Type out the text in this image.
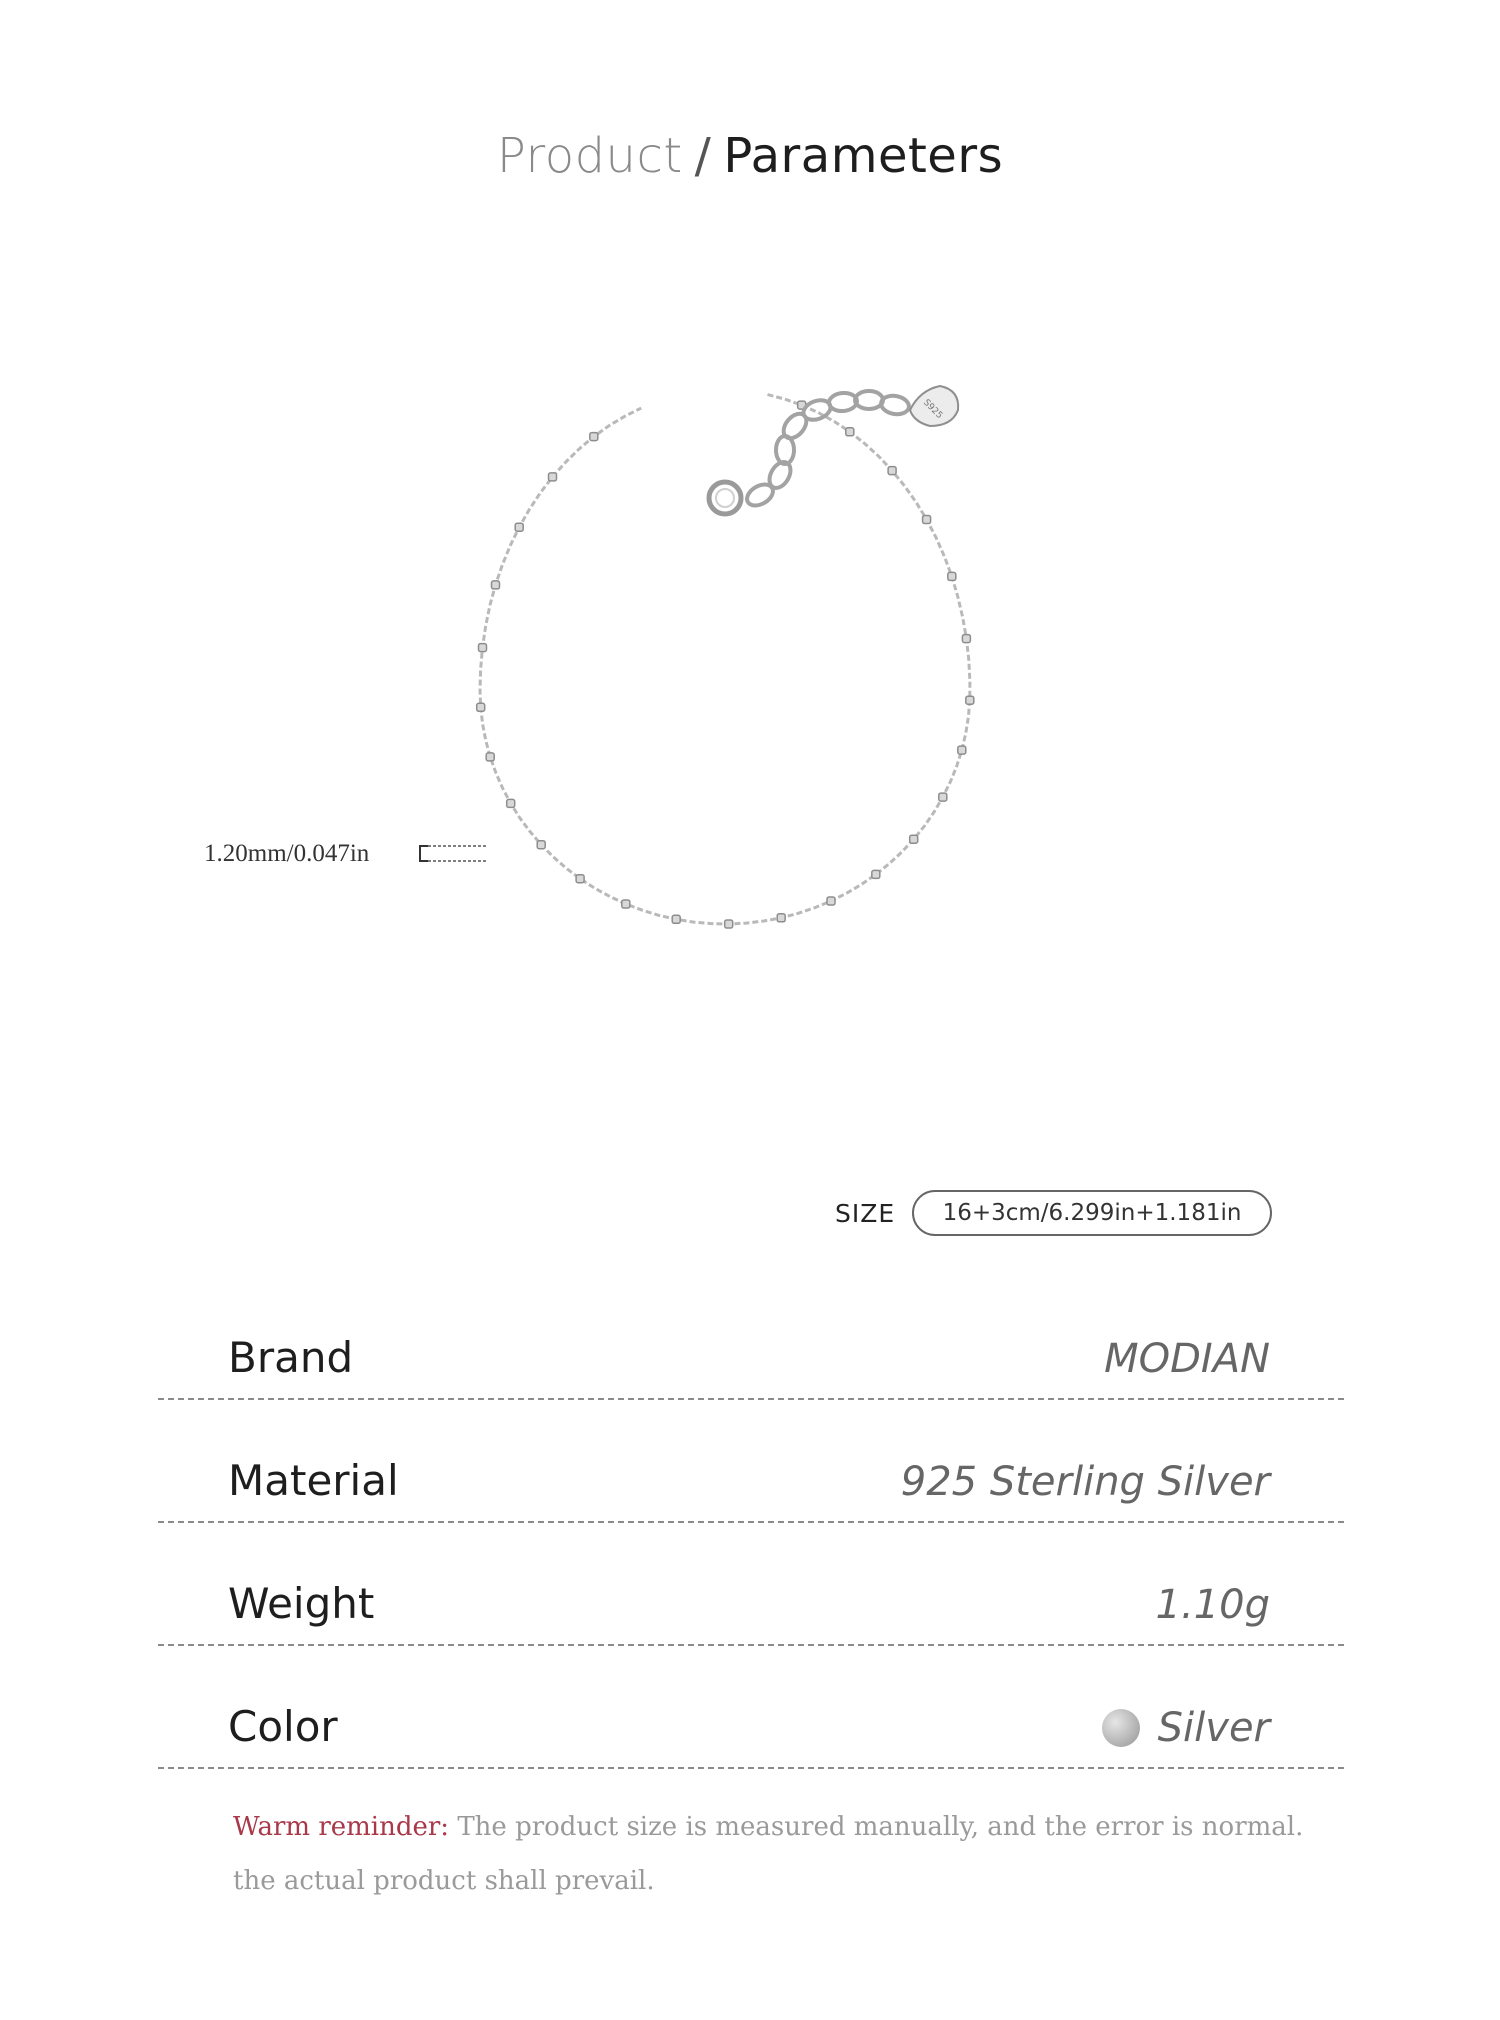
Product / Parameters
S925
1.20mm/0.047in
SIZE	16+3cm/6.299in+1.181in
Brand	MODIAN
Material	925 Sterling Silver
Weight	1.10g
Color	Silver
Warm reminder: The product size is measured manually, and the error is normal.
the actual product shall prevail.
